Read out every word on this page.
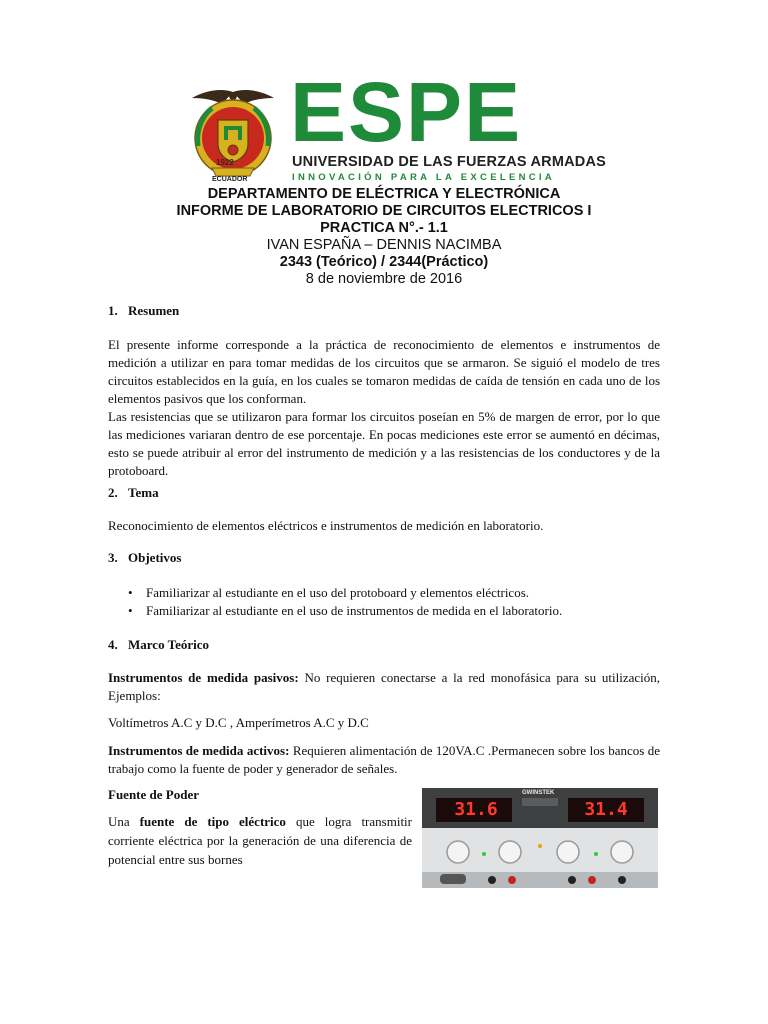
1922
ECUADOR
ESPE
UNIVERSIDAD DE LAS FUERZAS ARMADAS
INNOVACIÓN PARA LA EXCELENCIA
DEPARTAMENTO DE ELÉCTRICA Y ELECTRÓNICA
INFORME DE LABORATORIO DE CIRCUITOS ELECTRICOS I
PRACTICA N°.- 1.1
IVAN ESPAÑA – DENNIS NACIMBA
2343 (Teórico) / 2344(Práctico)
8 de noviembre de 2016
1. Resumen

El presente informe corresponde a la práctica de reconocimiento de elementos e instrumentos de medición a utilizar en para tomar medidas de los circuitos que se armaron. Se siguió el modelo de tres circuitos establecidos en la guía, en los cuales se tomaron medidas de caída de tensión en cada uno de los elementos pasivos que los conforman.

Las resistencias que se utilizaron para formar los circuitos poseían en 5% de margen de error, por lo que las mediciones variaran dentro de ese porcentaje. En pocas mediciones este error se aumentó en décimas, esto se puede atribuir al error del instrumento de medición y a las resistencias de los conductores y de la protoboard.

2. Tema
Reconocimiento de elementos eléctricos e instrumentos de medición en laboratorio.
3. Objetivos
• Familiarizar al estudiante en el uso del protoboard y elementos eléctricos.
• Familiarizar al estudiante en el uso de instrumentos de medida en el laboratorio.
4. Marco Teórico
Instrumentos de medida pasivos: No requieren conectarse a la red monofásica para su utilización, Ejemplos:
Voltímetros A.C y D.C , Amperímetros A.C y D.C
Instrumentos de medida activos: Requieren alimentación de 120VA.C .Permanecen sobre los bancos de trabajo como la fuente de poder y generador de señales.
Fuente de Poder
Una fuente de tipo eléctrico que logra transmitir corriente eléctrica por la generación de una diferencia de potencial entre sus bornes
GWINSTEK
31.6	31.4
